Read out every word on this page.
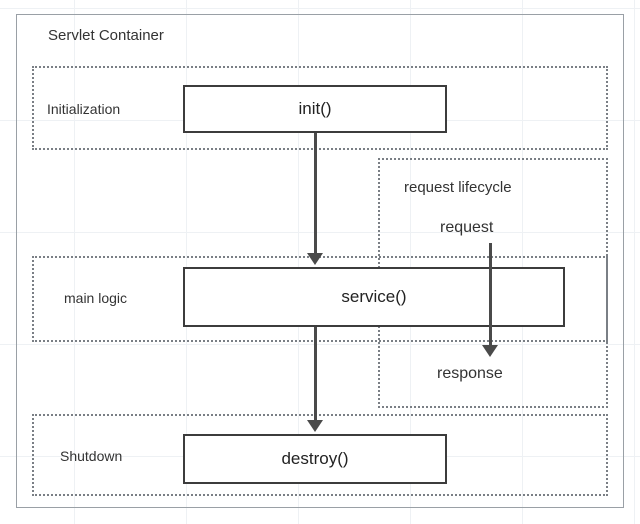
Servlet Container
Initialization
main logic
Shutdown
request lifecycle
init()
service()
destroy()
request
response
